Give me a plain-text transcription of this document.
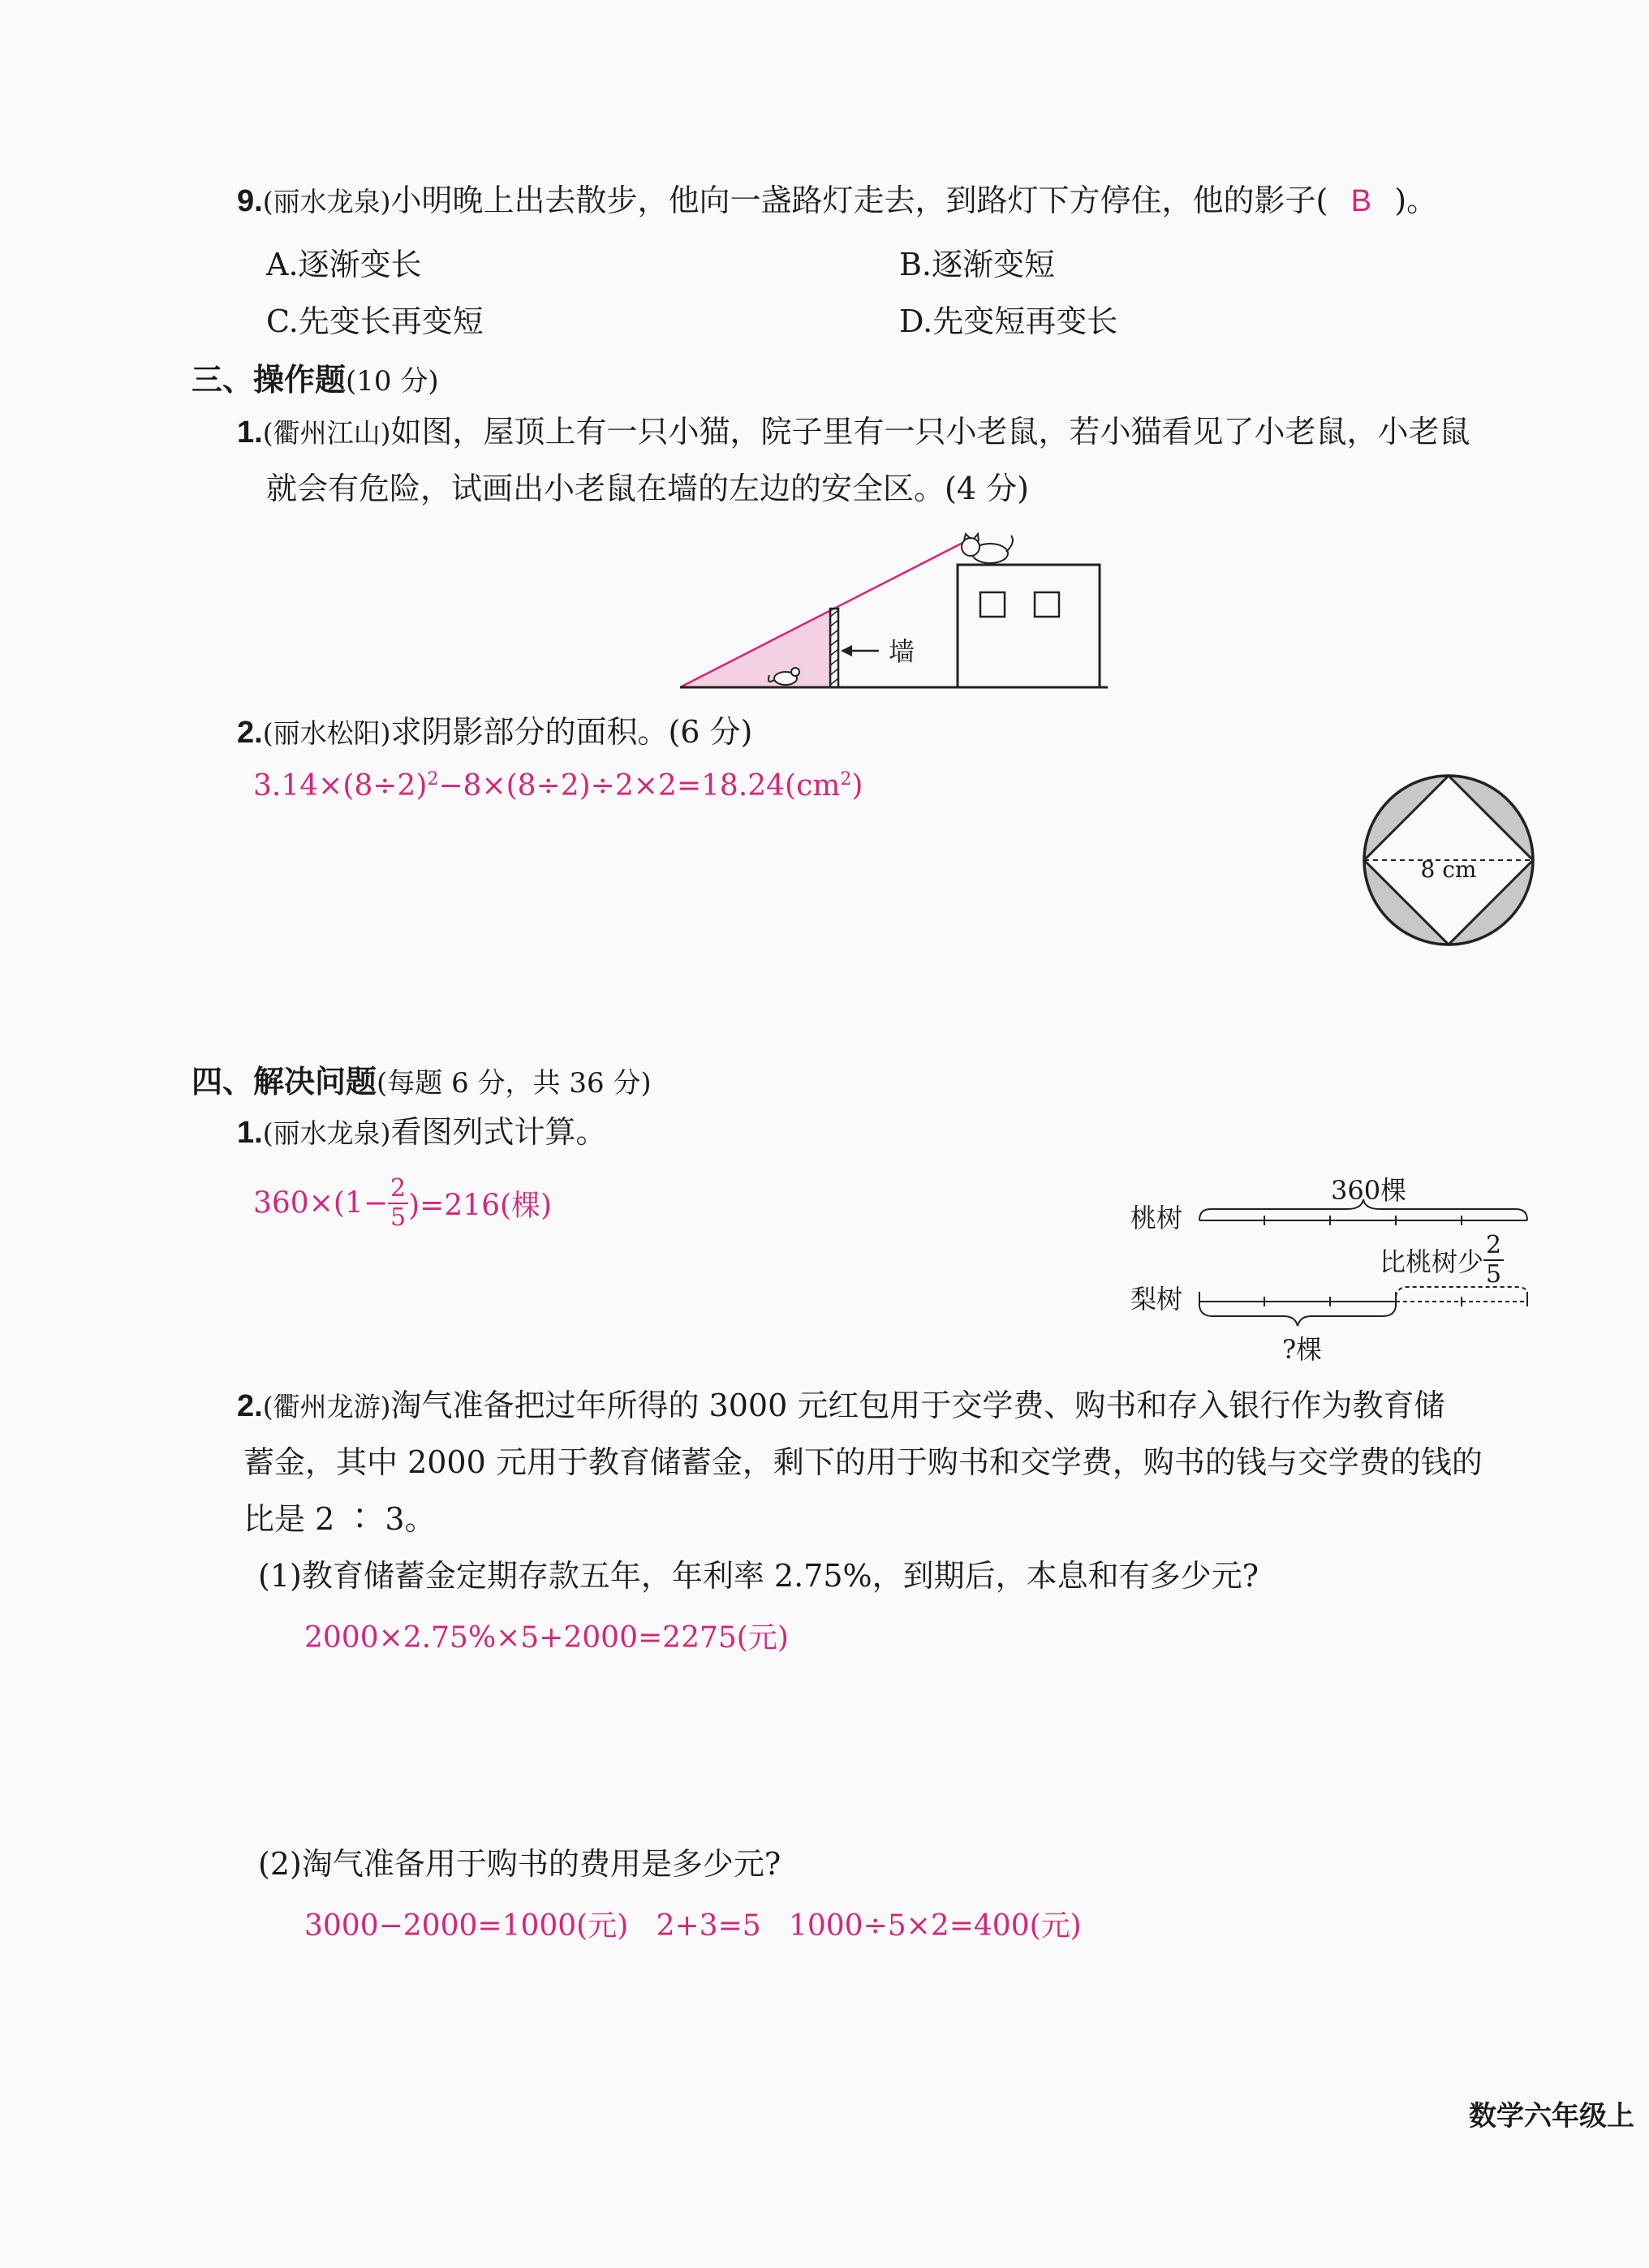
9.(丽水龙泉)小明晚上出去散步，他向一盏路灯走去，到路灯下方停住，他的影子( B )。
A.逐渐变长	B.逐渐变短
C.先变长再变短	D.先变短再变长
三、操作题(10 分)
1.(衢州江山)如图，屋顶上有一只小猫，院子里有一只小老鼠，若小猫看见了小老鼠，小老鼠
就会有危险，试画出小老鼠在墙的左边的安全区。(4 分)
墙
2.(丽水松阳)求阴影部分的面积。(6 分)
$3.14\times(8\div 2)^2-8\times(8\div 2)\div 2\times 2=18.24(cm^2)$
8 cm
四、解决问题(每题 6 分，共 36 分)
1.(丽水龙泉)看图列式计算。
$360\times(1- \frac{2}{5} )=216$(棵)	桃树
360棵
梨树
比桃树少 $\frac{2}{5}$
?棵
2.(衢州龙游)淘气准备把过年所得的 3000 元红包用于交学费、购书和存入银行作为教育储
蓄金，其中 2000 元用于教育储蓄金，剩下的用于购书和交学费，购书的钱与交学费的钱的
比是 2 ∶ 3。
(1)教育储蓄金定期存款五年，年利率 2.75%，到期后，本息和有多少元?
2000×2.75%×5+2000=2275(元)
(2)淘气准备用于购书的费用是多少元?
3000−2000=1000(元)   2+3=5   1000÷5×2=400(元)
数学六年级上
